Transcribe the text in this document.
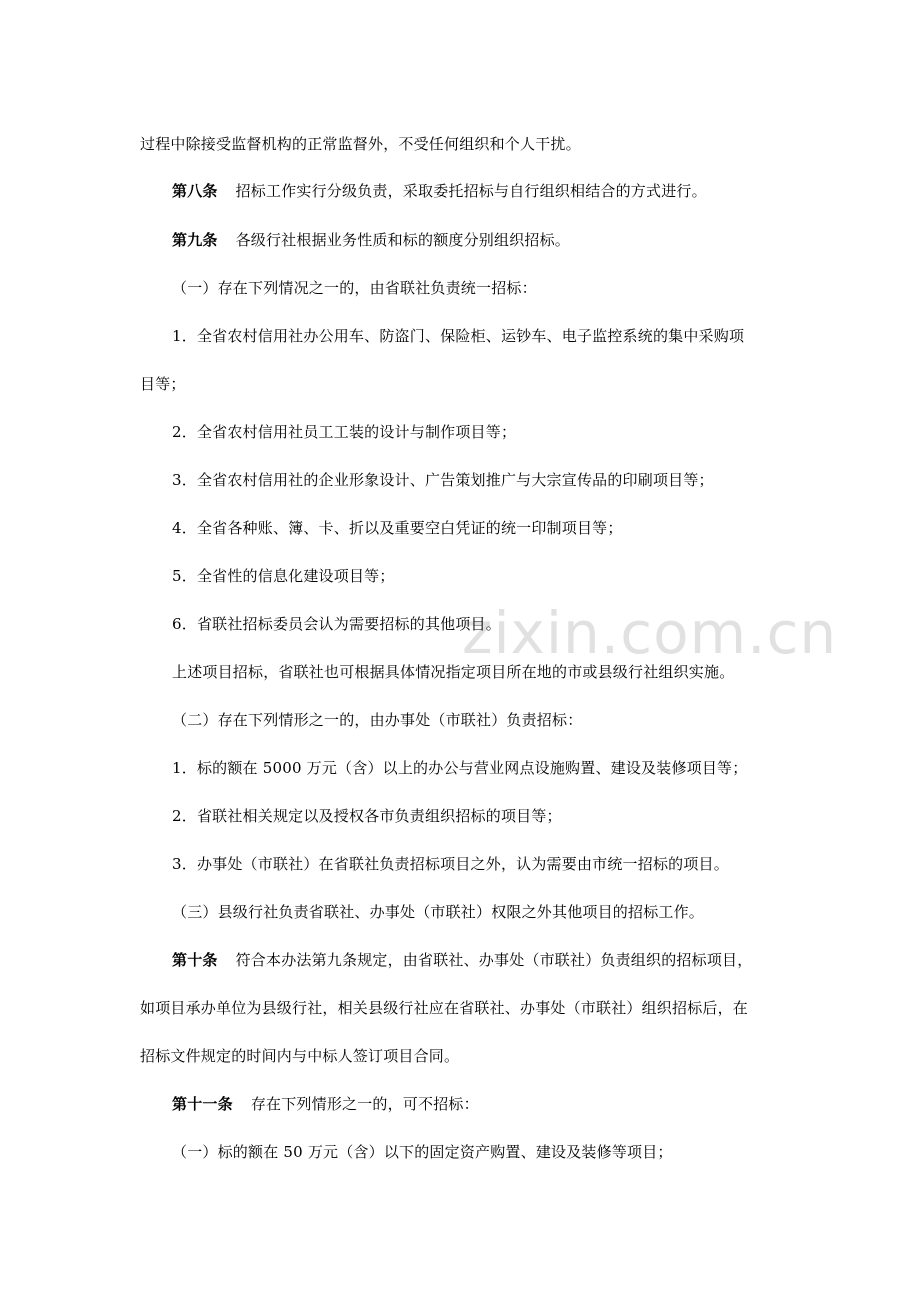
zixin.com.cn
过程中除接受监督机构的正常监督外，不受任何组织和个人干扰。
第八条 招标工作实行分级负责，采取委托招标与自行组织相结合的方式进行。
第九条 各级行社根据业务性质和标的额度分别组织招标。
（一）存在下列情况之一的，由省联社负责统一招标：
1．全省农村信用社办公用车、防盗门、保险柜、运钞车、电子监控系统的集中采购项
目等；
2．全省农村信用社员工工装的设计与制作项目等；
3．全省农村信用社的企业形象设计、广告策划推广与大宗宣传品的印刷项目等；
4．全省各种账、簿、卡、折以及重要空白凭证的统一印制项目等；
5．全省性的信息化建设项目等；
6．省联社招标委员会认为需要招标的其他项目。
上述项目招标，省联社也可根据具体情况指定项目所在地的市或县级行社组织实施。
（二）存在下列情形之一的，由办事处（市联社）负责招标：
1．标的额在 5000 万元（含）以上的办公与营业网点设施购置、建设及装修项目等；
2．省联社相关规定以及授权各市负责组织招标的项目等；
3．办事处（市联社）在省联社负责招标项目之外，认为需要由市统一招标的项目。
（三）县级行社负责省联社、办事处（市联社）权限之外其他项目的招标工作。
第十条 符合本办法第九条规定，由省联社、办事处（市联社）负责组织的招标项目，
如项目承办单位为县级行社，相关县级行社应在省联社、办事处（市联社）组织招标后，在
招标文件规定的时间内与中标人签订项目合同。
第十一条 存在下列情形之一的，可不招标：
（一）标的额在 50 万元（含）以下的固定资产购置、建设及装修等项目；
